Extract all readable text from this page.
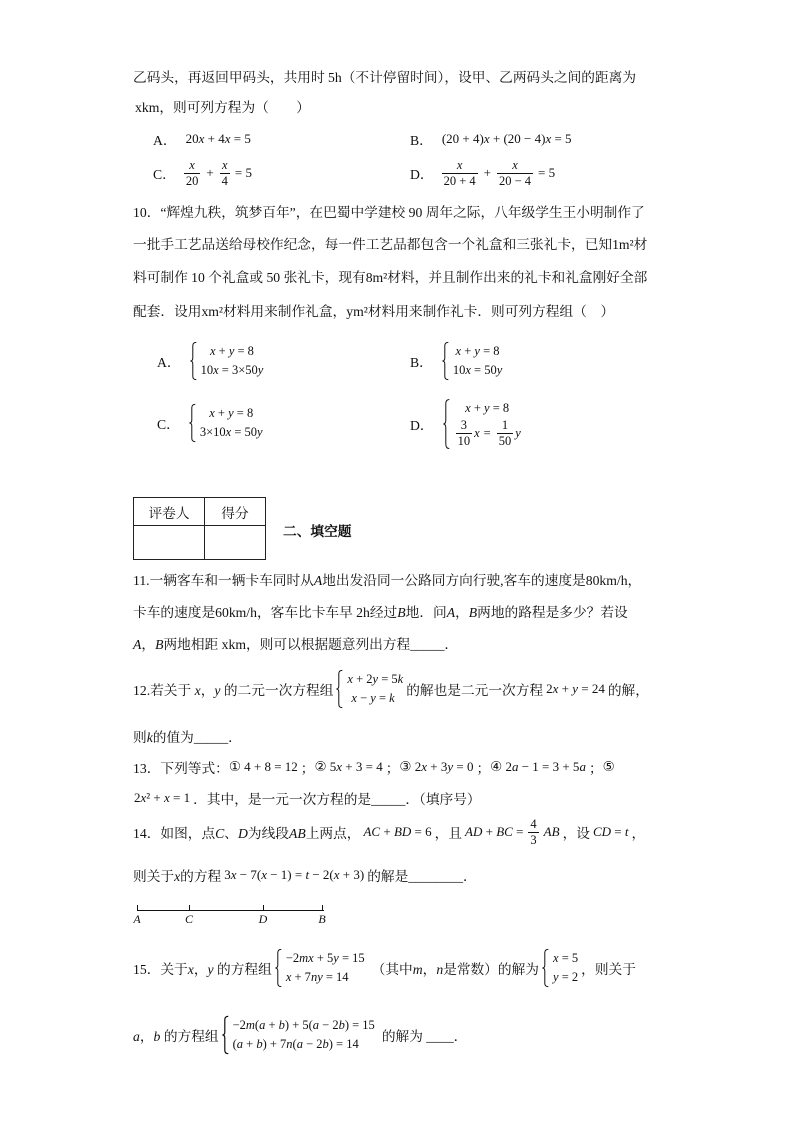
乙码头，再返回甲码头，共用时 5h（不计停留时间），设甲、乙两码头之间的距离为
xkm，则可列方程为（　　）
A． 20x + 4x = 5	B． (20 + 4)x + (20 − 4)x = 5
C． $\frac{x}{20} + \frac{x}{4} = 5$	D． $\frac{x}{20 + 4} + \frac{x}{20 - 4} = 5$
10．“辉煌九秩，筑梦百年”，在巴蜀中学建校 90 周年之际，八年级学生王小明制作了
一批手工艺品送给母校作纪念，每一件工艺品都包含一个礼盒和三张礼卡，已知1m²材
料可制作 10 个礼盒或 50 张礼卡，现有8m²材料，并且制作出来的礼卡和礼盒刚好全部
配套．设用xm²材料用来制作礼盒，ym²材料用来制作礼卡．则可列方程组（　）
A．
x + y = 8
10x = 3×50y	B．
x + y = 8
10x = 50y
C．
x + y = 8
3×10x = 50y	D．
x + y = 8
$\frac{3}{10}$ $x = \frac{1}{50}$ y
评卷人	得分

二、填空题
11.一辆客车和一辆卡车同时从A地出发沿同一公路同方向行驶,客车的速度是80km/h，
卡车的速度是60km/h，客车比卡车早 2h经过B地．问A，B两地的路程是多少？若设
A，B两地相距 xkm，则可以根据题意列出方程_____．
12.若关于 x，y 的二元一次方程组
x + 2y = 5k
x − y = k 的解也是二元一次方程 2x + y = 24 的解，
则k的值为_____．
13．下列等式： ① 4 + 8 = 12 ； ② 5x + 3 = 4 ； ③ 2x + 3y = 0 ； ④ 2a − 1 = 3 + 5a ； ⑤
2x² + x = 1 ． 其中，是一元一次方程的是_____．（填序号）
14．如图，点C、D为线段AB上两点， AC + BD = 6 ，且 AD + BC = $\frac{4}{3}$ AB ，设 CD = t ，
则关于x的方程 3x − 7(x − 1) = t − 2(x + 3) 的解是________．
A	C	D	B
15．关于x，y 的方程组
−2mx + 5y = 15
x + 7ny = 14 （其中m，n是常数）的解为
x = 5
y = 2 ，则关于
a，b 的方程组
−2m(a + b) + 5(a − 2b) = 15
(a + b) + 7n(a − 2b) = 14 的解为 ____．
